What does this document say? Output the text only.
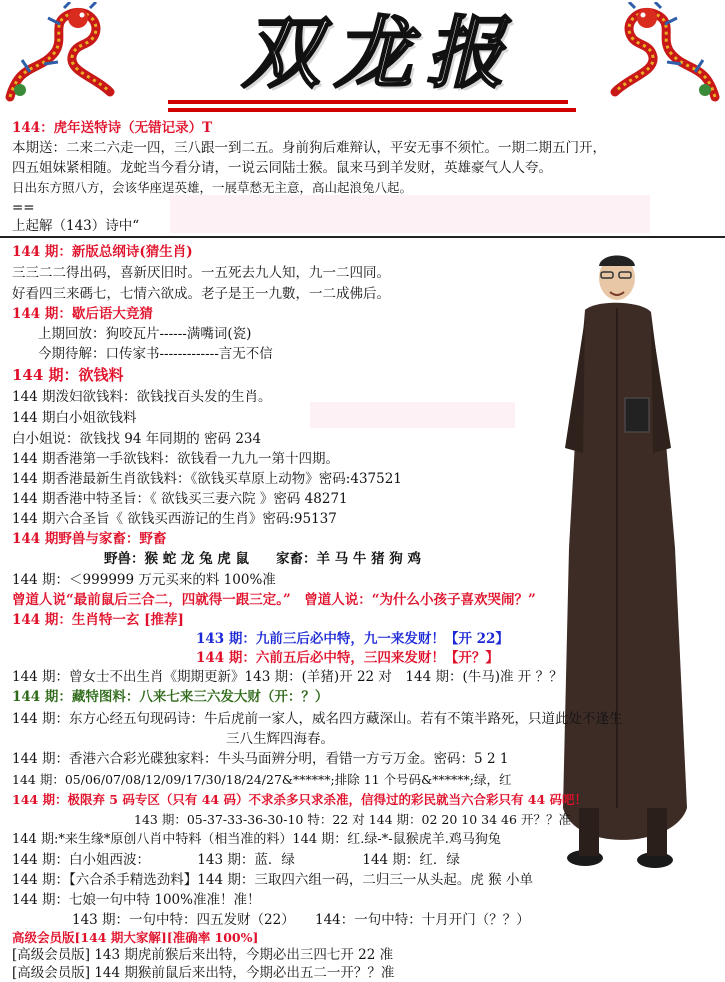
双龙报
144：虎年送特诗（无错记录）T
本期送：二来二六走一四，三八跟一到二五。身前狗后难辩认，平安无事不须忙。一期二期五门开，
四五姐妹紧相随。龙蛇当今看分请，一说云同陆士猴。鼠来马到羊发财，英雄豪气人人夸。
日出东方照八方，会该华座逞英雄，一展草愁无主意，高山起浪兔八起。
==
上起解（143）诗中“
144 期：新版总纲诗(猜生肖)
三三二二得出码，喜新厌旧时。一五死去九人知，九一二四同。
好看四三来碼七，七情六欲成。老子是王一九數，一二成佛后。
144 期：歇后语大竞猜
上期回放：狗咬瓦片------满嘴词(瓷)
今期待解：口传家书-------------言无不信
144 期：欲钱料
144 期泼妇欲钱料：欲钱找百头发的生肖。
144 期白小姐欲钱料
白小姐说：欲钱找 94 年同期的 密码 234
144 期香港第一手欲钱料：欲钱看一九九一第十四期。
144 期香港最新生肖欲钱料：《欲钱买草原上动物》密码:437521
144 期香港中特圣旨：《 欲钱买三妻六院 》密码 48271
144 期六合圣旨《 欲钱买西游记的生肖》密码:95137
144 期野兽与家畜：野畜
野兽：猴 蛇 龙 兔 虎 鼠　　家畜：羊 马 牛 猪 狗 鸡
144 期：＜999999 万元买来的料 100%准
曾道人说“最前鼠后三合二，四就得一跟三定。”　曾道人说：“为什么小孩子喜欢哭闹？”
144 期：生肖特一玄 [推荐]
143 期：九前三后必中特，九一来发财！【开 22】
144 期：六前五后必中特，三四来发财！【开？】
144 期：曾女士不出生肖《期期更新》143 期：(羊猪)开 22 对　144 期：(牛马)准 开 ？？
144 期：藏特图料：八来七来三六发大财（开：？）
144 期：东方心经五句现码诗：牛后虎前一家人，威名四方藏深山。若有不策半路死，只道此处不逢生
三八生辉四海春。
144 期：香港六合彩光碟独家料：牛头马面辨分明，看错一方亏万金。密码：5 2 1
144 期：05/06/07/08/12/09/17/30/18/24/27&******;排除 11 个号码&******;绿，红
144 期：极限弃 5 码专区（只有 44 码）不求杀多只求杀准，信得过的彩民就当六合彩只有 44 码吧！
143 期：05-37-33-36-30-10 特：22 对 144 期：02 20 10 34 46 开？？准
144 期:*来生缘*原创八肖中特料（相当准的料）144 期：红.绿-*-鼠猴虎羊.鸡马狗兔
144 期：白小姐西波：　　　　143 期：蓝．绿　　　　　144 期：红．绿
144 期：【六合杀手精选劲料】144 期：三取四六组一码，二归三一从头起。虎 猴 小单
144 期：七娘一句中特 100%准准！准！
143 期：一句中特：四五发财（22）　　144：一句中特：十月开门（？？）
高级会员版[144 期大家解][准确率 100%]
[高级会员版] 143 期虎前猴后来出特，今期必出三四七开 22 准
[高级会员版] 144 期猴前鼠后来出特，今期必出五二一开？？准
